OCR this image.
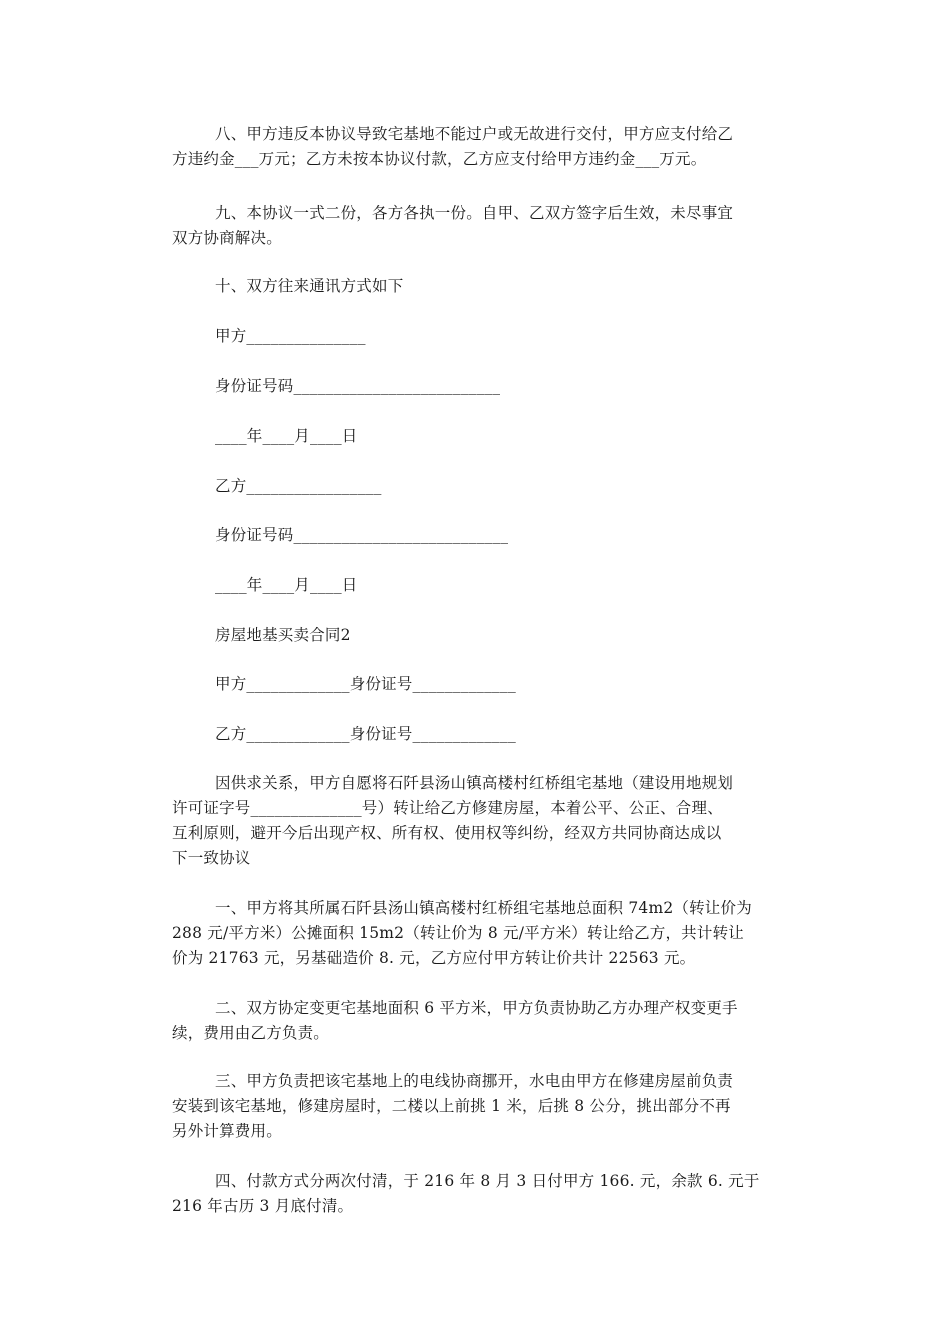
八、甲方违反本协议导致宅基地不能过户或无故进行交付，甲方应支付给乙
方违约金___万元；乙方未按本协议付款，乙方应支付给甲方违约金___万元。

九、本协议一式二份，各方各执一份。自甲、乙双方签字后生效，未尽事宜
双方协商解决。

十、双方往来通讯方式如下

甲方_______________

身份证号码__________________________

____年____月____日

乙方_________________

身份证号码___________________________

____年____月____日

房屋地基买卖合同2

甲方_____________身份证号_____________

乙方_____________身份证号_____________

因供求关系，甲方自愿将石阡县汤山镇高楼村红桥组宅基地（建设用地规划
许可证字号______________号）转让给乙方修建房屋，本着公平、公正、合理、
互利原则，避开今后出现产权、所有权、使用权等纠纷，经双方共同协商达成以
下一致协议

一、甲方将其所属石阡县汤山镇高楼村红桥组宅基地总面积 74m2（转让价为
288 元/平方米）公摊面积 15m2（转让价为 8 元/平方米）转让给乙方，共计转让
价为 21763 元，另基础造价 8. 元，乙方应付甲方转让价共计 22563 元。

二、双方协定变更宅基地面积 6 平方米，甲方负责协助乙方办理产权变更手
续，费用由乙方负责。

三、甲方负责把该宅基地上的电线协商挪开，水电由甲方在修建房屋前负责
安装到该宅基地，修建房屋时，二楼以上前挑 1 米，后挑 8 公分，挑出部分不再
另外计算费用。

四、付款方式分两次付清，于 216 年 8 月 3 日付甲方 166. 元，余款 6. 元于
216 年古历 3 月底付清。
